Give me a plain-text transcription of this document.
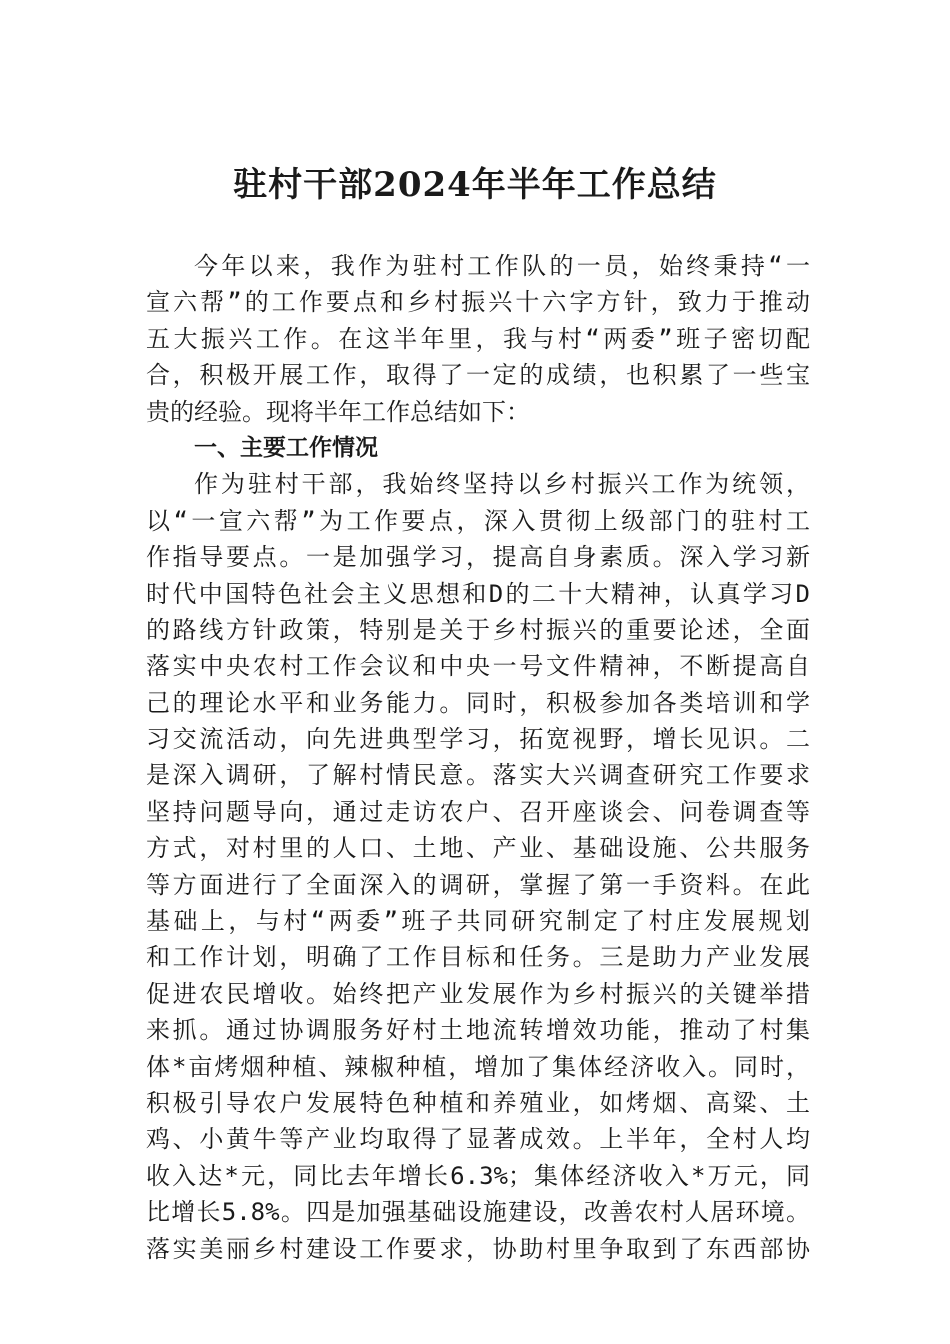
驻村干部2024年半年工作总结
今年以来，我作为驻村工作队的一员，始终秉持“一
宣六帮”的工作要点和乡村振兴十六字方针，致力于推动
五大振兴工作。在这半年里，我与村“两委”班子密切配
合，积极开展工作，取得了一定的成绩，也积累了一些宝
贵的经验。现将半年工作总结如下：
一、主要工作情况
作为驻村干部，我始终坚持以乡村振兴工作为统领，
以“一宣六帮”为工作要点，深入贯彻上级部门的驻村工
作指导要点。一是加强学习，提高自身素质。深入学习新
时代中国特色社会主义思想和D的二十大精神，认真学习D
的路线方针政策，特别是关于乡村振兴的重要论述，全面
落实中央农村工作会议和中央一号文件精神，不断提高自
己的理论水平和业务能力。同时，积极参加各类培训和学
习交流活动，向先进典型学习，拓宽视野，增长见识。二
是深入调研，了解村情民意。落实大兴调查研究工作要求
坚持问题导向，通过走访农户、召开座谈会、问卷调查等
方式，对村里的人口、土地、产业、基础设施、公共服务
等方面进行了全面深入的调研，掌握了第一手资料。在此
基础上，与村“两委”班子共同研究制定了村庄发展规划
和工作计划，明确了工作目标和任务。三是助力产业发展
促进农民增收。始终把产业发展作为乡村振兴的关键举措
来抓。通过协调服务好村土地流转增效功能，推动了村集
体*亩烤烟种植、辣椒种植，增加了集体经济收入。同时，
积极引导农户发展特色种植和养殖业，如烤烟、高粱、土
鸡、小黄牛等产业均取得了显著成效。上半年，全村人均
收入达*元，同比去年增长6.3%；集体经济收入*万元，同
比增长5.8%。四是加强基础设施建设，改善农村人居环境。
落实美丽乡村建设工作要求，协助村里争取到了东西部协
